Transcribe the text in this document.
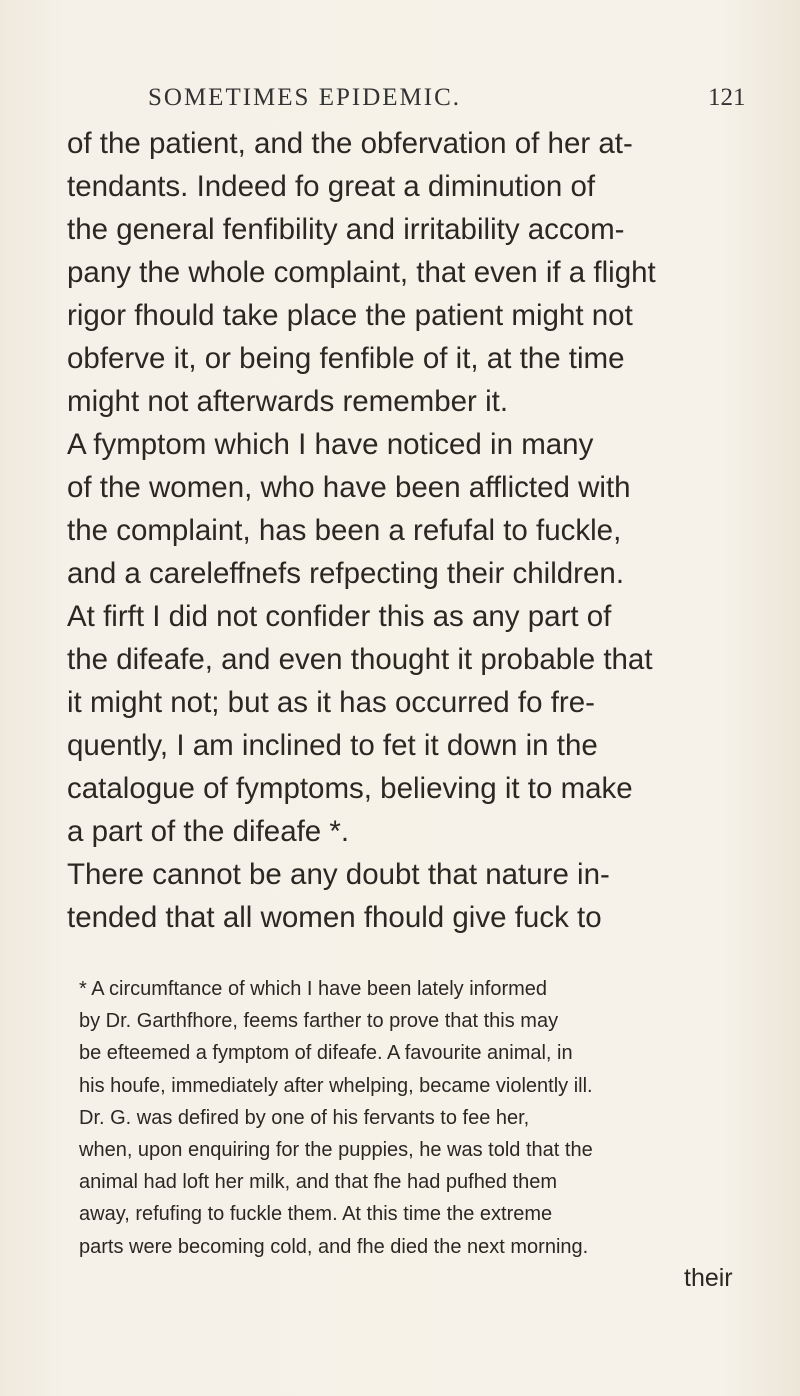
SOMETIMES EPIDEMIC.	121
of the patient, and the obfervation of her at-
tendants. Indeed fo great a diminution of
the general fenfibility and irritability accom-
pany the whole complaint, that even if a flight
rigor fhould take place the patient might not
obferve it, or being fenfible of it, at the time
might not afterwards remember it.
A fymptom which I have noticed in many
of the women, who have been afflicted with
the complaint, has been a refufal to fuckle,
and a careleffnefs refpecting their children.
At firft I did not confider this as any part of
the difeafe, and even thought it probable that
it might not; but as it has occurred fo fre-
quently, I am inclined to fet it down in the
catalogue of fymptoms, believing it to make
a part of the difeafe *.
There cannot be any doubt that nature in-
tended that all women fhould give fuck to
* A circumftance of which I have been lately informed
by Dr. Garthfhore, feems farther to prove that this may
be efteemed a fymptom of difeafe. A favourite animal, in
his houfe, immediately after whelping, became violently ill.
Dr. G. was defired by one of his fervants to fee her,
when, upon enquiring for the puppies, he was told that the
animal had loft her milk, and that fhe had pufhed them
away, refufing to fuckle them. At this time the extreme
parts were becoming cold, and fhe died the next morning.
their
